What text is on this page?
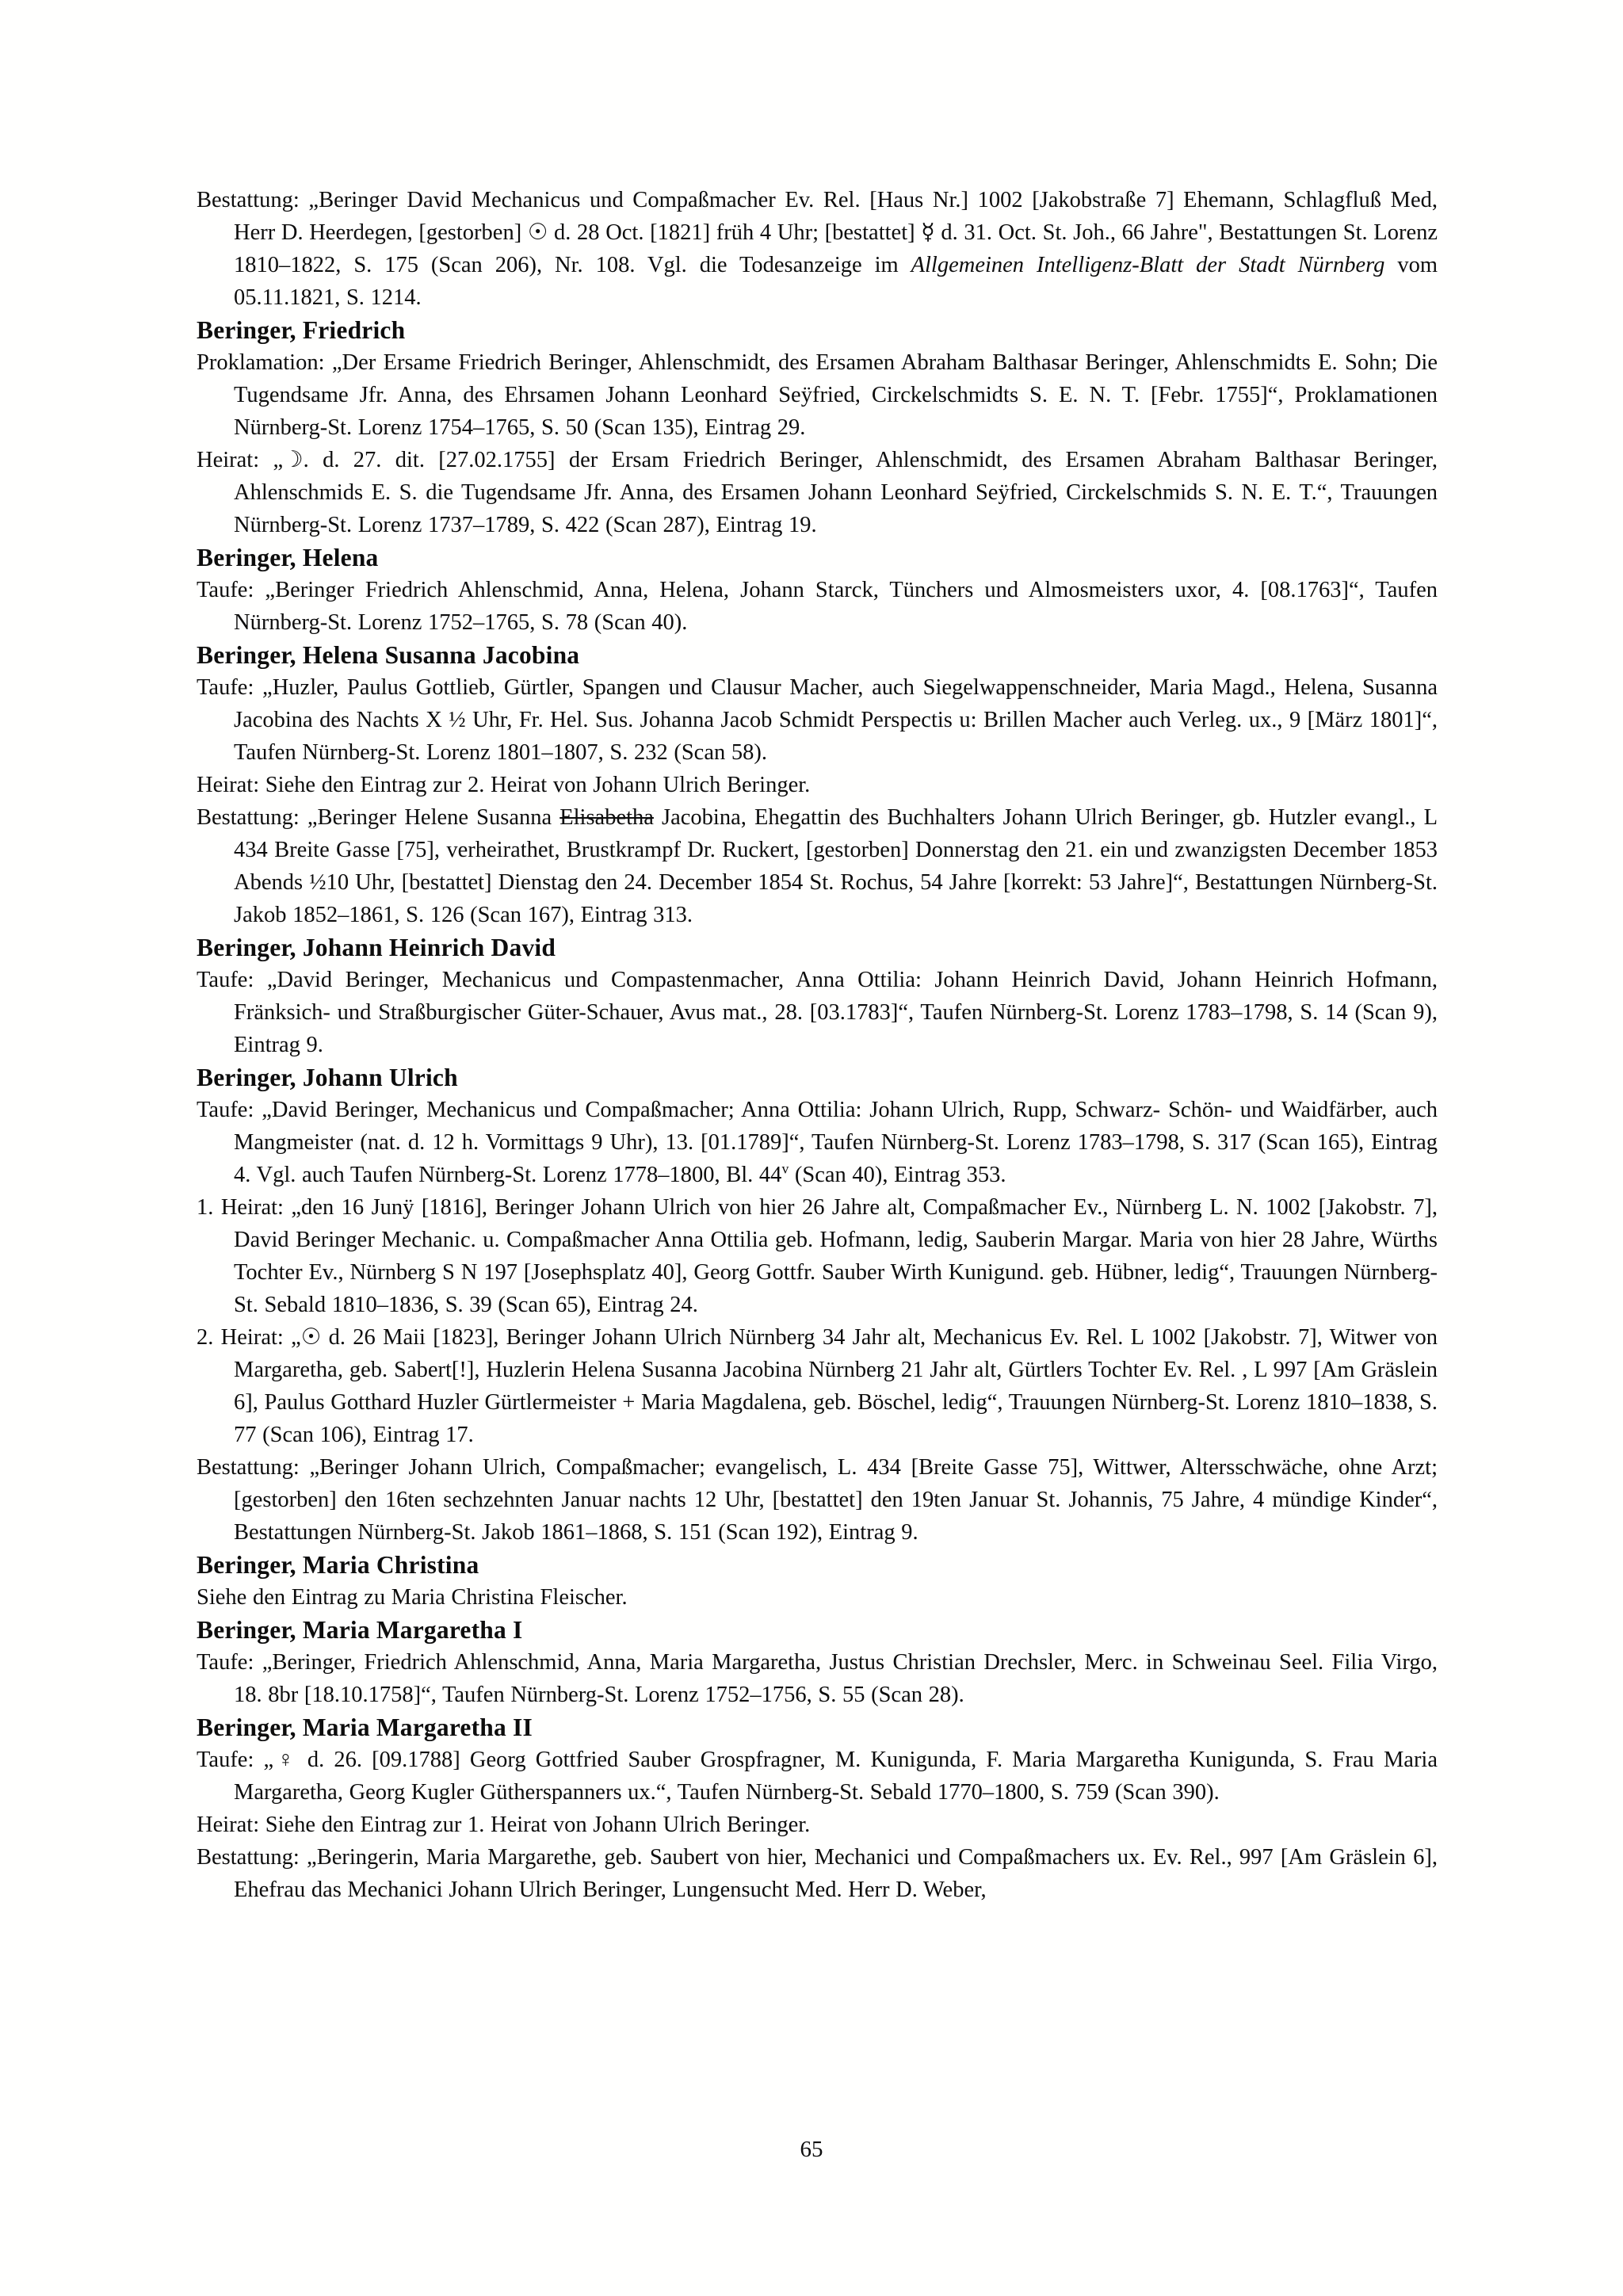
Bestattung: „Beringer David Mechanicus und Compaßmacher Ev. Rel. [Haus Nr.] 1002 [Jakobstraße 7] Ehemann, Schlagfluß Med, Herr D. Heerdegen, [gestorben] ☉ d. 28 Oct. [1821] früh 4 Uhr; [bestattet] ☿ d. 31. Oct. St. Joh., 66 Jahre", Bestattungen St. Lorenz 1810–1822, S. 175 (Scan 206), Nr. 108. Vgl. die Todesanzeige im Allgemeinen Intelligenz-Blatt der Stadt Nürnberg vom 05.11.1821, S. 1214.

Beringer, Friedrich

Proklamation: „Der Ersame Friedrich Beringer, Ahlenschmidt, des Ersamen Abraham Balthasar Beringer, Ahlenschmidts E. Sohn; Die Tugendsame Jfr. Anna, des Ehrsamen Johann Leonhard Seÿfried, Circkelschmidts S. E. N. T. [Febr. 1755]“, Proklamationen Nürnberg-St. Lorenz 1754–1765, S. 50 (Scan 135), Eintrag 29.

Heirat: „☽. d. 27. dit. [27.02.1755] der Ersam Friedrich Beringer, Ahlenschmidt, des Ersamen Abraham Balthasar Beringer, Ahlenschmids E. S. die Tugendsame Jfr. Anna, des Ersamen Johann Leonhard Seÿfried, Circkelschmids S. N. E. T.“, Trauungen Nürnberg-St. Lorenz 1737–1789, S. 422 (Scan 287), Eintrag 19.

Beringer, Helena

Taufe: „Beringer Friedrich Ahlenschmid, Anna, Helena, Johann Starck, Tünchers und Almosmeisters uxor, 4. [08.1763]“, Taufen Nürnberg-St. Lorenz 1752–1765, S. 78 (Scan 40).

Beringer, Helena Susanna Jacobina

Taufe: „Huzler, Paulus Gottlieb, Gürtler, Spangen und Clausur Macher, auch Siegelwappenschneider, Maria Magd., Helena, Susanna Jacobina des Nachts X ½ Uhr, Fr. Hel. Sus. Johanna Jacob Schmidt Perspectis u: Brillen Macher auch Verleg. ux., 9 [März 1801]“, Taufen Nürnberg-St. Lorenz 1801–1807, S. 232 (Scan 58).

Heirat: Siehe den Eintrag zur 2. Heirat von Johann Ulrich Beringer.

Bestattung: „Beringer Helene Susanna Elisabetha Jacobina, Ehegattin des Buchhalters Johann Ulrich Beringer, gb. Hutzler evangl., L 434 Breite Gasse [75], verheirathet, Brustkrampf Dr. Ruckert, [gestorben] Donnerstag den 21. ein und zwanzigsten December 1853 Abends ½10 Uhr, [bestattet] Dienstag den 24. December 1854 St. Rochus, 54 Jahre [korrekt: 53 Jahre]“, Bestattungen Nürnberg-St. Jakob 1852–1861, S. 126 (Scan 167), Eintrag 313.

Beringer, Johann Heinrich David

Taufe: „David Beringer, Mechanicus und Compastenmacher, Anna Ottilia: Johann Heinrich David, Johann Heinrich Hofmann, Fränksich- und Straßburgischer Güter-Schauer, Avus mat., 28. [03.1783]“, Taufen Nürnberg-St. Lorenz 1783–1798, S. 14 (Scan 9), Eintrag 9.

Beringer, Johann Ulrich

Taufe: „David Beringer, Mechanicus und Compaßmacher; Anna Ottilia: Johann Ulrich, Rupp, Schwarz- Schön- und Waidfärber, auch Mangmeister (nat. d. 12 h. Vormittags 9 Uhr), 13. [01.1789]“, Taufen Nürnberg-St. Lorenz 1783–1798, S. 317 (Scan 165), Eintrag 4. Vgl. auch Taufen Nürnberg-St. Lorenz 1778–1800, Bl. 44$^v$ (Scan 40), Eintrag 353.

1. Heirat: „den 16 Junÿ [1816], Beringer Johann Ulrich von hier 26 Jahre alt, Compaßmacher Ev., Nürnberg L. N. 1002 [Jakobstr. 7], David Beringer Mechanic. u. Compaßmacher Anna Ottilia geb. Hofmann, ledig, Sauberin Margar. Maria von hier 28 Jahre, Würths Tochter Ev., Nürnberg S N 197 [Josephsplatz 40], Georg Gottfr. Sauber Wirth Kunigund. geb. Hübner, ledig“, Trauungen Nürnberg-St. Sebald 1810–1836, S. 39 (Scan 65), Eintrag 24.

2. Heirat: „☉ d. 26 Maii [1823], Beringer Johann Ulrich Nürnberg 34 Jahr alt, Mechanicus Ev. Rel. L 1002 [Jakobstr. 7], Witwer von Margaretha, geb. Sabert[!], Huzlerin Helena Susanna Jacobina Nürnberg 21 Jahr alt, Gürtlers Tochter Ev. Rel. , L 997 [Am Gräslein 6], Paulus Gotthard Huzler Gürtlermeister + Maria Magdalena, geb. Böschel, ledig“, Trauungen Nürnberg-St. Lorenz 1810–1838, S. 77 (Scan 106), Eintrag 17.

Bestattung: „Beringer Johann Ulrich, Compaßmacher; evangelisch, L. 434 [Breite Gasse 75], Wittwer, Altersschwäche, ohne Arzt; [gestorben] den 16ten sechzehnten Januar nachts 12 Uhr, [bestattet] den 19ten Januar St. Johannis, 75 Jahre, 4 mündige Kinder“, Bestattungen Nürnberg-St. Jakob 1861–1868, S. 151 (Scan 192), Eintrag 9.

Beringer, Maria Christina

Siehe den Eintrag zu Maria Christina Fleischer.

Beringer, Maria Margaretha I

Taufe: „Beringer, Friedrich Ahlenschmid, Anna, Maria Margaretha, Justus Christian Drechsler, Merc. in Schweinau Seel. Filia Virgo, 18. 8br [18.10.1758]“, Taufen Nürnberg-St. Lorenz 1752–1756, S. 55 (Scan 28).

Beringer, Maria Margaretha II

Taufe: „♀ d. 26. [09.1788] Georg Gottfried Sauber Grospfragner, M. Kunigunda, F. Maria Margaretha Kunigunda, S. Frau Maria Margaretha, Georg Kugler Gütherspanners ux.“, Taufen Nürnberg-St. Sebald 1770–1800, S. 759 (Scan 390).

Heirat: Siehe den Eintrag zur 1. Heirat von Johann Ulrich Beringer.

Bestattung: „Beringerin, Maria Margarethe, geb. Saubert von hier, Mechanici und Compaßmachers ux. Ev. Rel., 997 [Am Gräslein 6], Ehefrau das Mechanici Johann Ulrich Beringer, Lungensucht Med. Herr D. Weber,

65
